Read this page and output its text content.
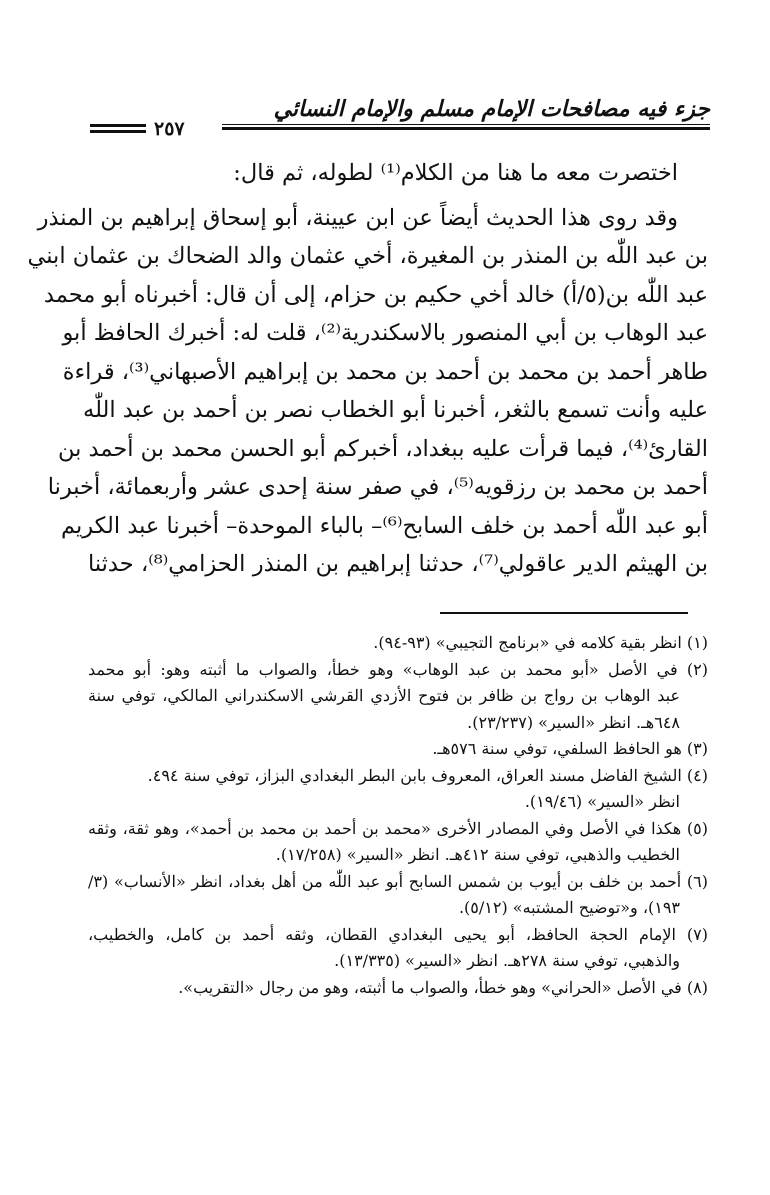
جزء فيه مصافحات الإمام مسلم والإمام النسائي
٢٥٧
اختصرت معه ما هنا من الكلام⁽¹⁾ لطوله، ثم قال:
وقد روى هذا الحديث أيضاً عن ابن عيينة، أبو إسحاق إبراهيم بن المنذر
بن عبد اللّٰه بن المنذر بن المغيرة، أخي عثمان والد الضحاك بن عثمان ابني
عبد اللّٰه بن(٥/أ) خالد أخي حكيم بن حزام، إلى أن قال: أخبرناه أبو محمد
عبد الوهاب بن أبي المنصور بالاسكندرية⁽²⁾، قلت له: أخبرك الحافظ أبو
طاهر أحمد بن محمد بن أحمد بن محمد بن إبراهيم الأصبهاني⁽³⁾، قراءة
عليه وأنت تسمع بالثغر، أخبرنا أبو الخطاب نصر بن أحمد بن عبد اللّٰه
القارئ⁽⁴⁾، فيما قرأت عليه ببغداد، أخبركم أبو الحسن محمد بن أحمد بن
أحمد بن محمد بن رزقويه⁽⁵⁾، في صفر سنة إحدى عشر وأربعمائة، أخبرنا
أبو عبد اللّٰه أحمد بن خلف السابح⁽⁶⁾– بالباء الموحدة– أخبرنا عبد الكريم
بن الهيثم الدير عاقولي⁽⁷⁾، حدثنا إبراهيم بن المنذر الحزامي⁽⁸⁾، حدثنا
(١) انظر بقية كلامه في «برنامج التجيبي» (٩٣-٩٤).
(٢) في الأصل «أبو محمد بن عبد الوهاب» وهو خطأ، والصواب ما أثبته وهو: أبو محمد
عبد الوهاب بن رواج بن ظافر بن فتوح الأزدي القرشي الاسكندراني المالكي، توفي سنة
٦٤٨هـ. انظر «السير» (٢٣/٢٣٧).
(٣) هو الحافظ السلفي، توفي سنة ٥٧٦هـ.
(٤) الشيخ الفاضل مسند العراق، المعروف بابن البطر البغدادي البزاز، توفي سنة ٤٩٤.
انظر «السير» (١٩/٤٦).
(٥) هكذا في الأصل وفي المصادر الأخرى «محمد بن أحمد بن محمد بن أحمد»، وهو ثقة، وثقه
الخطيب والذهبي، توفي سنة ٤١٢هـ. انظر «السير» (١٧/٢٥٨).
(٦) أحمد بن خلف بن أيوب بن شمس السابح أبو عبد اللّٰه من أهل بغداد، انظر «الأنساب» (٣/
١٩٣)، و«توضيح المشتبه» (٥/١٢).
(٧) الإمام الحجة الحافظ، أبو يحيى البغدادي القطان، وثقه أحمد بن كامل، والخطيب،
والذهبي، توفي سنة ٢٧٨هـ. انظر «السير» (١٣/٣٣٥).
(٨) في الأصل «الحراني» وهو خطأ، والصواب ما أثبته، وهو من رجال «التقريب».
